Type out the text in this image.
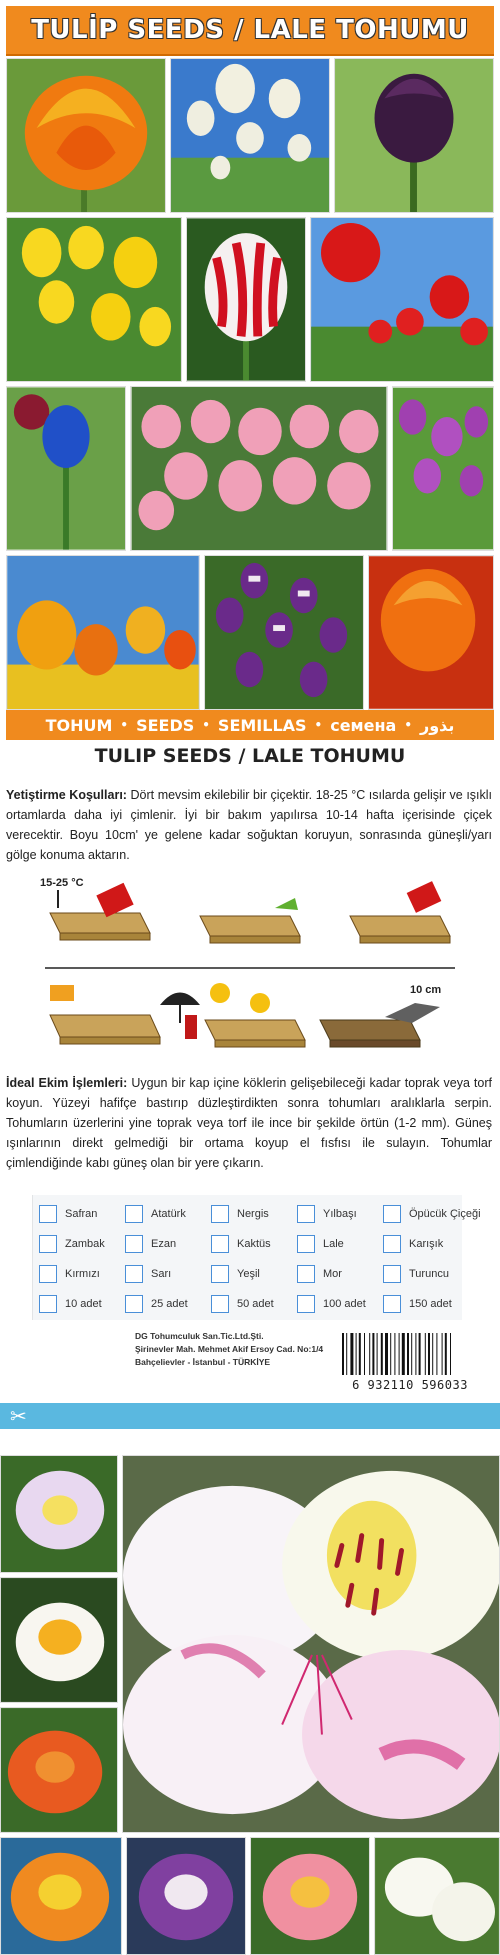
TULİP SEEDS / LALE TOHUMU
TOHUM • SEEDS • SEMILLAS • семена • بذور
TULIP SEEDS / LALE TOHUMU
Yetiştirme Koşulları: Dört mevsim ekilebilir bir çiçektir. 18-25 °C ısılarda gelişir ve ışıklı ortamlarda daha iyi çimlenir. İyi bir bakım yapılırsa 10-14 hafta içerisinde çiçek verecektir. Boyu 10cm' ye gelene kadar soğuktan koruyun, sonrasında güneşli/yarı gölge konuma aktarın.
15-25 °C
10 cm
İdeal Ekim İşlemleri: Uygun bir kap içine köklerin gelişebileceği kadar toprak veya torf koyun. Yüzeyi hafifçe bastırıp düzleştirdikten sonra tohumları aralıklarla serpin. Tohumların üzerlerini yine toprak veya torf ile ince bir şekilde örtün (1-2 mm). Güneş ışınlarının direkt gelmediği bir ortama koyup el fısfısı ile sulayın. Tohumlar çimlendiğinde kabı güneş olan bir yere çıkarın.
Safran	Atatürk	Nergis	Yılbaşı	Öpücük Çiçeği
Zambak	Ezan	Kaktüs	Lale	Karışık
Kırmızı	Sarı	Yeşil	Mor	Turuncu
10 adet	25 adet	50 adet	100 adet	150 adet
DG Tohumculuk San.Tic.Ltd.Şti.
Şirinevler Mah. Mehmet Akif Ersoy Cad. No:1/4
Bahçelievler - İstanbul - TÜRKİYE
6 932110 596033
✂
